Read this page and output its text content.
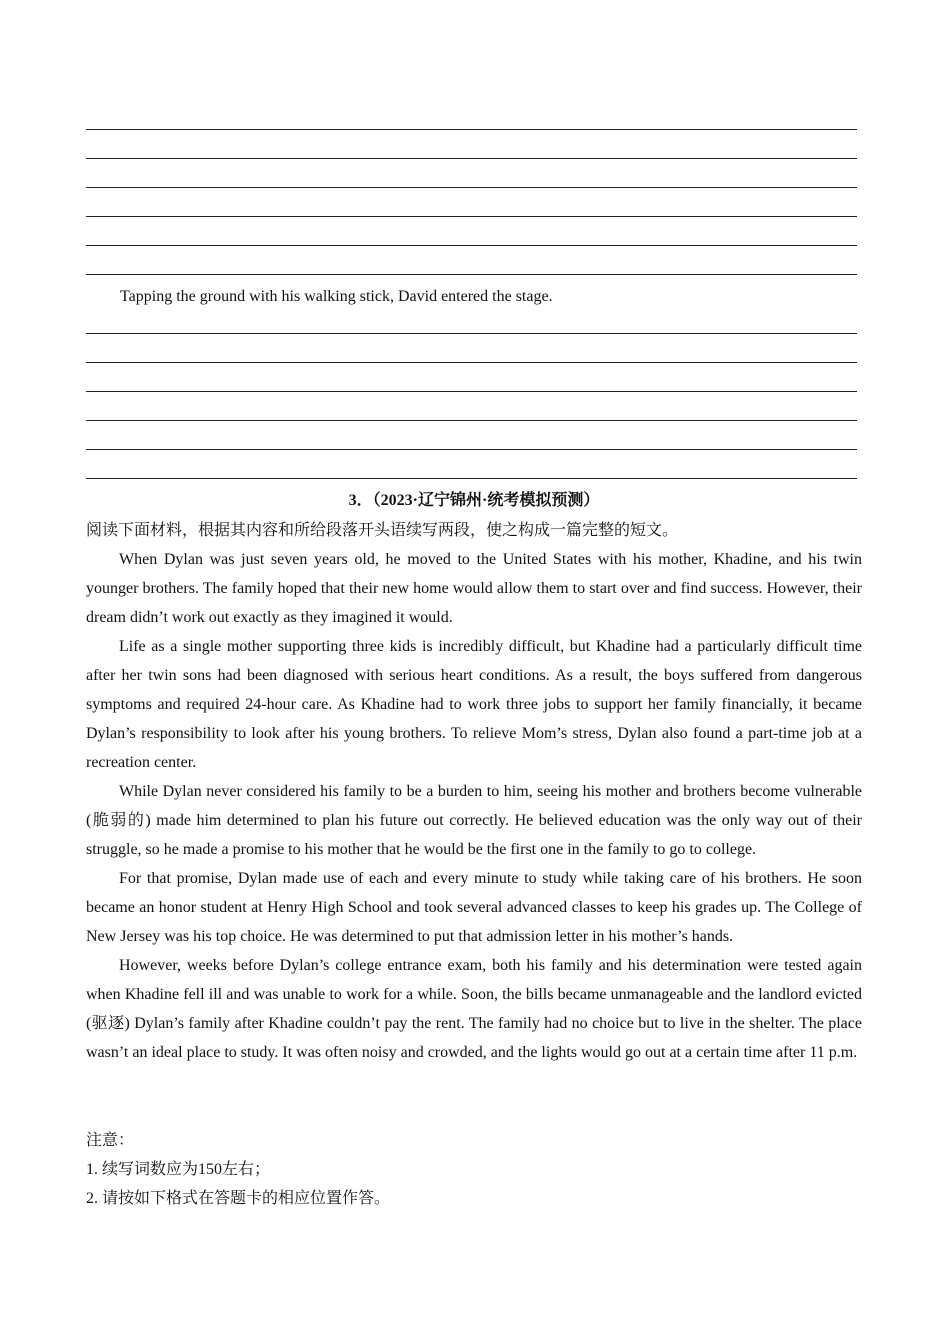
Tapping the ground with his walking stick, David entered the stage.
3．（2023·辽宁锦州·统考模拟预测）
阅读下面材料，根据其内容和所给段落开头语续写两段，使之构成一篇完整的短文。

When Dylan was just seven years old, he moved to the United States with his mother, Khadine, and his twin younger brothers. The family hoped that their new home would allow them to start over and find success. However, their dream didn’t work out exactly as they imagined it would.

Life as a single mother supporting three kids is incredibly difficult, but Khadine had a particularly difficult time after her twin sons had been diagnosed with serious heart conditions. As a result, the boys suffered from dangerous symptoms and required 24-hour care. As Khadine had to work three jobs to support her family financially, it became Dylan’s responsibility to look after his young brothers. To relieve Mom’s stress, Dylan also found a part-time job at a recreation center.

While Dylan never considered his family to be a burden to him, seeing his mother and brothers become vulnerable (脆弱的) made him determined to plan his future out correctly. He believed education was the only way out of their struggle, so he made a promise to his mother that he would be the first one in the family to go to college.

For that promise, Dylan made use of each and every minute to study while taking care of his brothers. He soon became an honor student at Henry High School and took several advanced classes to keep his grades up. The College of New Jersey was his top choice. He was determined to put that admission letter in his mother’s hands.

However, weeks before Dylan’s college entrance exam, both his family and his determination were tested again when Khadine fell ill and was unable to work for a while. Soon, the bills became unmanageable and the landlord evicted (驱逐) Dylan’s family after Khadine couldn’t pay the rent. The family had no choice but to live in the shelter. The place wasn’t an ideal place to study. It was often noisy and crowded, and the lights would go out at a certain time after 11 p.m.

注意：
1. 续写词数应为150左右；
2. 请按如下格式在答题卡的相应位置作答。
